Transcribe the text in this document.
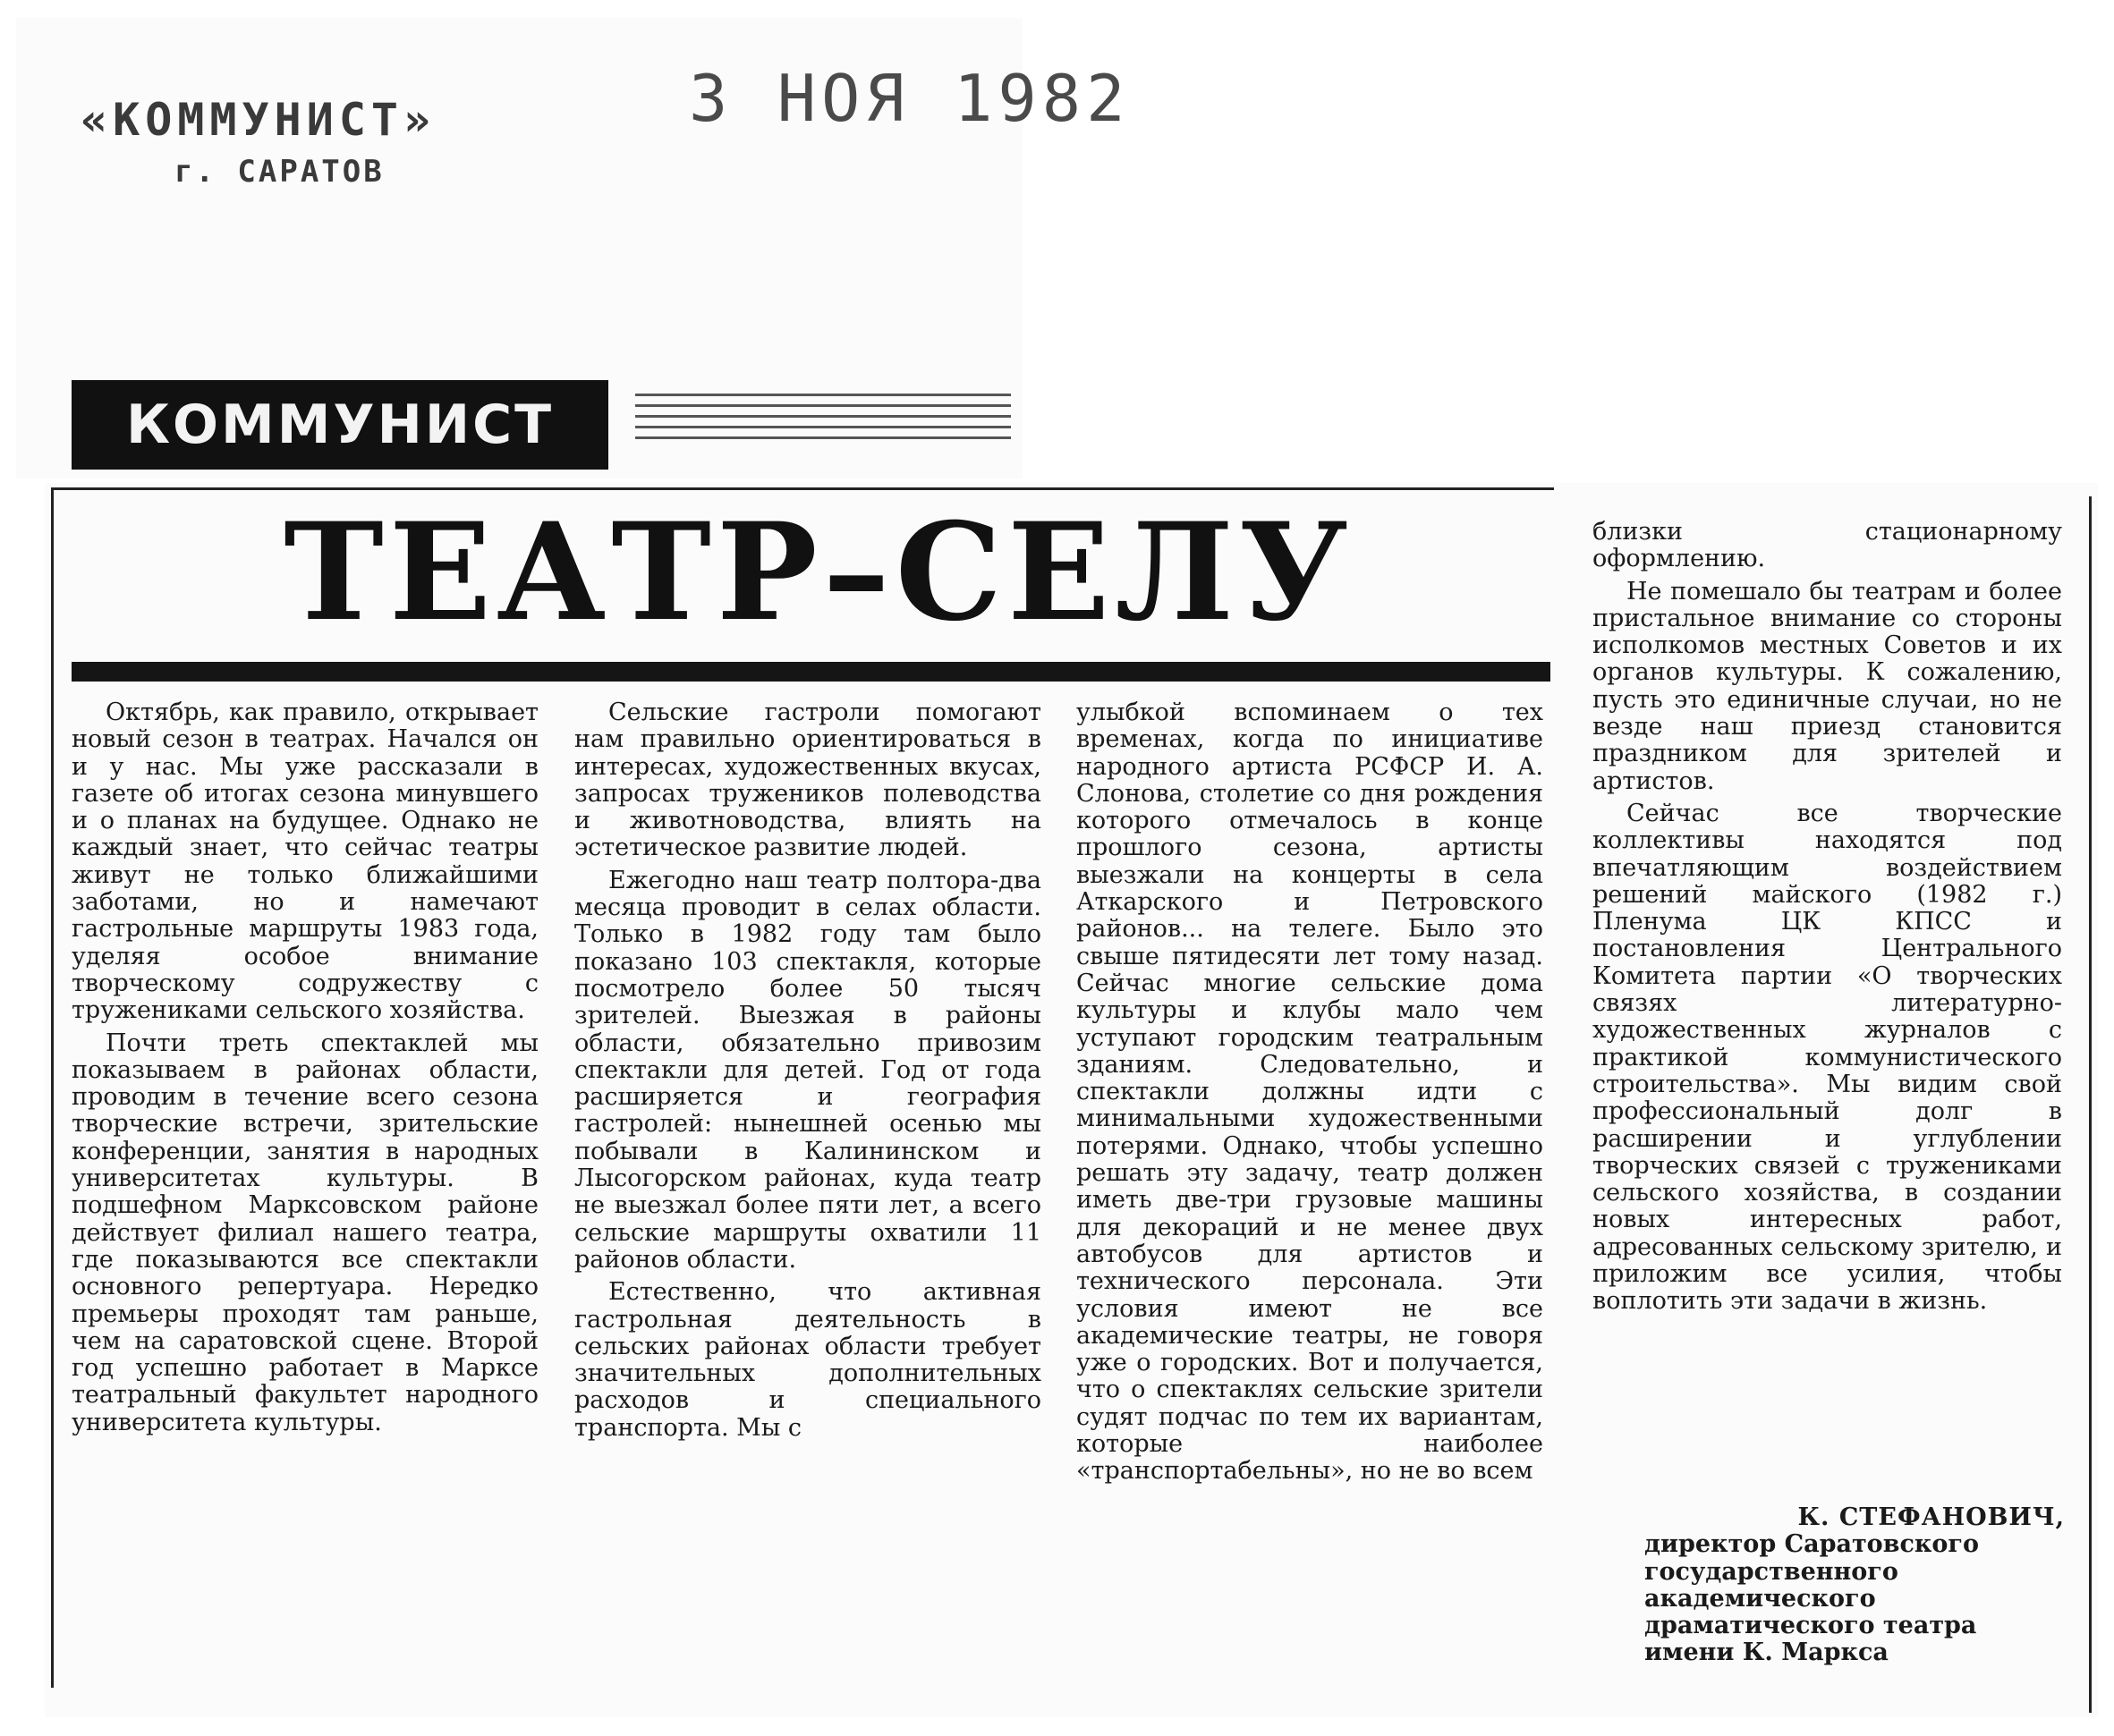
«КОММУНИСТ»
г. САРАТОВ
3 НОЯ 1982
КОММУНИСТ
ТЕАТР–СЕЛУ

Октябрь, как правило, открывает новый сезон в театрах. Начался он и у нас. Мы уже рассказали в газете об итогах сезона минувшего и о планах на будущее. Однако не каждый знает, что сейчас театры живут не только ближайшими заботами, но и намечают гастрольные маршруты 1983 года, уделяя особое внимание творческому содружеству с тружениками сельского хозяйства.

Почти треть спектаклей мы показываем в районах области, проводим в течение всего сезона творческие встречи, зрительские конференции, занятия в народных университетах культуры. В подшефном Марксовском районе действует филиал нашего театра, где показываются все спектакли основного репертуара. Нередко премьеры проходят там раньше, чем на саратовской сцене. Второй год успешно работает в Марксе театральный факультет народного университета культуры.

Сельские гастроли помогают нам правильно ориентироваться в интересах, художественных вкусах, запросах тружеников полеводства и животноводства, влиять на эстетическое развитие людей.

Ежегодно наш театр полтора-два месяца проводит в селах области. Только в 1982 году там было показано 103 спектакля, которые посмотрело более 50 тысяч зрителей. Выезжая в районы области, обязательно привозим спектакли для детей. Год от года расширяется и география гастролей: нынешней осенью мы побывали в Калининском и Лысогорском районах, куда театр не выезжал более пяти лет, а всего сельские маршруты охватили 11 районов области.

Естественно, что активная гастрольная деятельность в сельских районах области требует значительных дополнительных расходов и специального транспорта. Мы с

улыбкой вспоминаем о тех временах, когда по инициативе народного артиста РСФСР И. А. Слонова, столетие со дня рождения которого отмечалось в конце прошлого сезона, артисты выезжали на концерты в села Аткарского и Петровского районов... на телеге. Было это свыше пятидесяти лет тому назад. Сейчас многие сельские дома культуры и клубы мало чем уступают городским театральным зданиям. Следовательно, и спектакли должны идти с минимальными художественными потерями. Однако, чтобы успешно решать эту задачу, театр должен иметь две-три грузовые машины для декораций и не менее двух автобусов для артистов и технического персонала. Эти условия имеют не все академические театры, не говоря уже о городских. Вот и получается, что о спектаклях сельские зрители судят подчас по тем их вариантам, которые наиболее «транспортабельны», но не во всем

близки стационарному оформлению.

Не помешало бы театрам и более пристальное внимание со стороны исполкомов местных Советов и их органов культуры. К сожалению, пусть это единичные случаи, но не везде наш приезд становится праздником для зрителей и артистов.

Сейчас все творческие коллективы находятся под впечатляющим воздействием решений майского (1982 г.) Пленума ЦК КПСС и постановления Центрального Комитета партии «О творческих связях литературно-художественных журналов с практикой коммунистического строительства». Мы видим свой профессиональный долг в расширении и углублении творческих связей с тружениками сельского хозяйства, в создании новых интересных работ, адресованных сельскому зрителю, и приложим все усилия, чтобы воплотить эти задачи в жизнь.

К. СТЕФАНОВИЧ,
директор Саратовского государственного академического драматического театра имени К. Маркса
